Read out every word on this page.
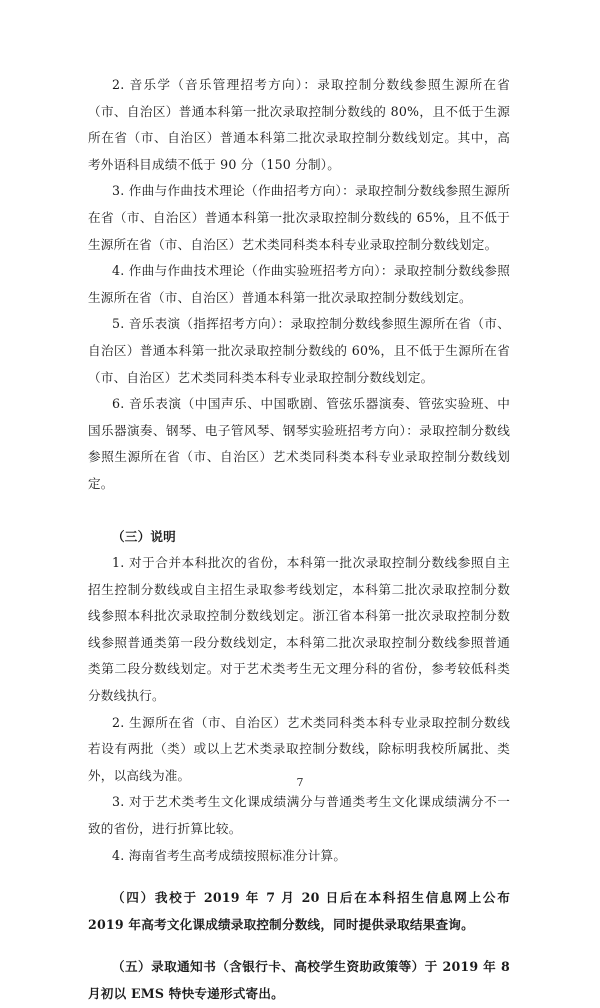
2. 音乐学（音乐管理招考方向）：录取控制分数线参照生源所在省（市、自治区）普通本科第一批次录取控制分数线的 80%，且不低于生源所在省（市、自治区）普通本科第二批次录取控制分数线划定。其中，高考外语科目成绩不低于 90 分（150 分制）。

3. 作曲与作曲技术理论（作曲招考方向）：录取控制分数线参照生源所在省（市、自治区）普通本科第一批次录取控制分数线的 65%，且不低于生源所在省（市、自治区）艺术类同科类本科专业录取控制分数线划定。

4. 作曲与作曲技术理论（作曲实验班招考方向）：录取控制分数线参照生源所在省（市、自治区）普通本科第一批次录取控制分数线划定。

5. 音乐表演（指挥招考方向）：录取控制分数线参照生源所在省（市、自治区）普通本科第一批次录取控制分数线的 60%，且不低于生源所在省（市、自治区）艺术类同科类本科专业录取控制分数线划定。

6. 音乐表演（中国声乐、中国歌剧、管弦乐器演奏、管弦实验班、中国乐器演奏、钢琴、电子管风琴、钢琴实验班招考方向）：录取控制分数线参照生源所在省（市、自治区）艺术类同科类本科专业录取控制分数线划定。

（三）说明

1. 对于合并本科批次的省份，本科第一批次录取控制分数线参照自主招生控制分数线或自主招生录取参考线划定，本科第二批次录取控制分数线参照本科批次录取控制分数线划定。浙江省本科第一批次录取控制分数线参照普通类第一段分数线划定，本科第二批次录取控制分数线参照普通类第二段分数线划定。对于艺术类考生无文理分科的省份，参考较低科类分数线执行。

2. 生源所在省（市、自治区）艺术类同科类本科专业录取控制分数线若设有两批（类）或以上艺术类录取控制分数线，除标明我校所属批、类外，以高线为准。

3. 对于艺术类考生文化课成绩满分与普通类考生文化课成绩满分不一致的省份，进行折算比较。

4. 海南省考生高考成绩按照标准分计算。

（四）我校于 2019 年 7 月 20 日后在本科招生信息网上公布 2019 年高考文化课成绩录取控制分数线，同时提供录取结果查询。

（五）录取通知书（含银行卡、高校学生资助政策等）于 2019 年 8 月初以 EMS 特快专递形式寄出。

7
